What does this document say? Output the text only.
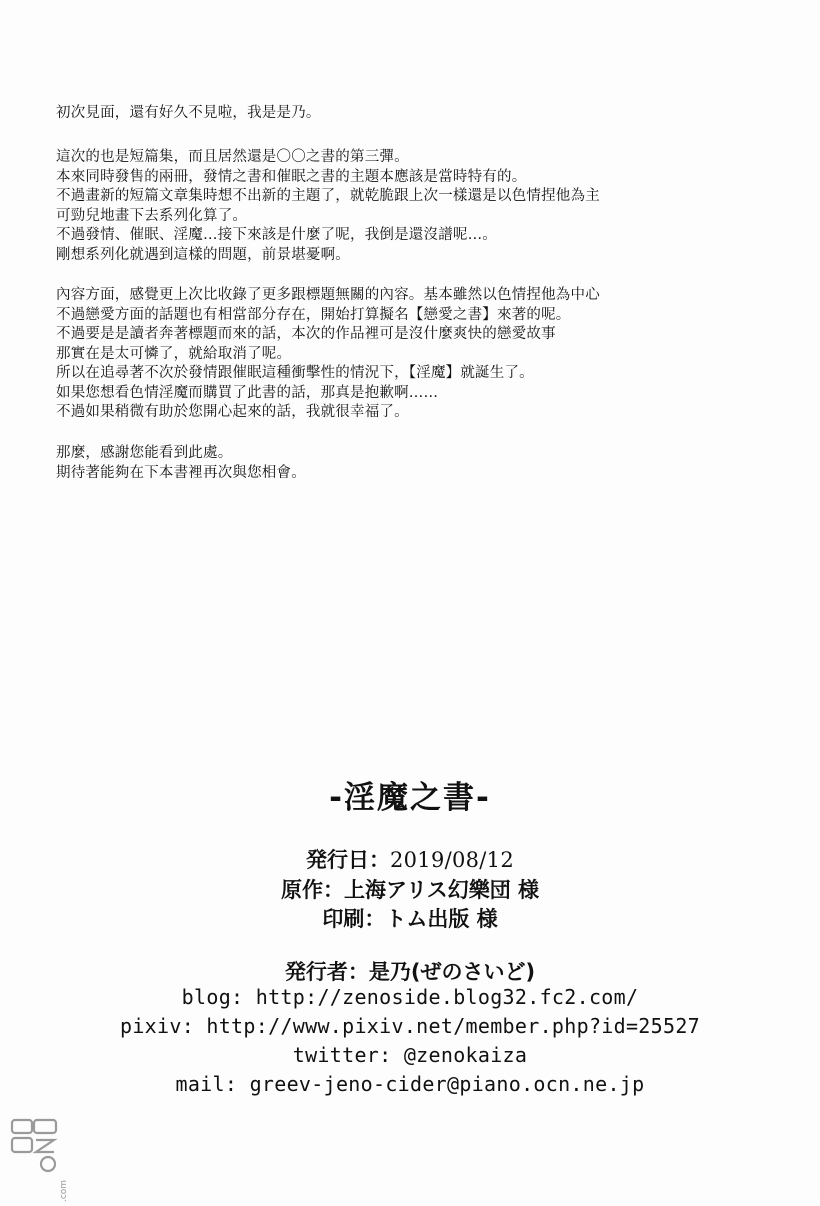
初次見面，還有好久不見啦，我是是乃。
這次的也是短篇集，而且居然還是〇〇之書的第三彈。
本來同時發售的兩冊，發情之書和催眠之書的主題本應該是當時特有的。
不過畫新的短篇文章集時想不出新的主題了，就乾脆跟上次一樣還是以色情捏他為主
可勁兒地畫下去系列化算了。
不過發情、催眠、淫魔…接下來該是什麼了呢，我倒是還沒譜呢…。
剛想系列化就遇到這樣的問題，前景堪憂啊。
內容方面，感覺更上次比收錄了更多跟標題無關的內容。基本雖然以色情捏他為中心
不過戀愛方面的話題也有相當部分存在，開始打算擬名【戀愛之書】來著的呢。
不過要是是讀者奔著標題而來的話，本次的作品裡可是沒什麼爽快的戀愛故事
那實在是太可憐了，就給取消了呢。
所以在追尋著不次於發情跟催眠這種衝擊性的情況下，【淫魔】就誕生了。
如果您想看色情淫魔而購買了此書的話，那真是抱歉啊……
不過如果稍微有助於您開心起來的話，我就很幸福了。
那麼，感謝您能看到此處。
期待著能夠在下本書裡再次與您相會。
-淫魔之書-
発行日：2019/08/12
原作：上海アリス幻樂団 様
印刷：トム出版 様
発行者：是乃(ぜのさいど)
blog: http://zenoside.blog32.fc2.com/
pixiv: http://www.pixiv.net/member.php?id=25527
twitter: @zenokaiza
mail: greev-jeno-cider@piano.ocn.ne.jp
.com
